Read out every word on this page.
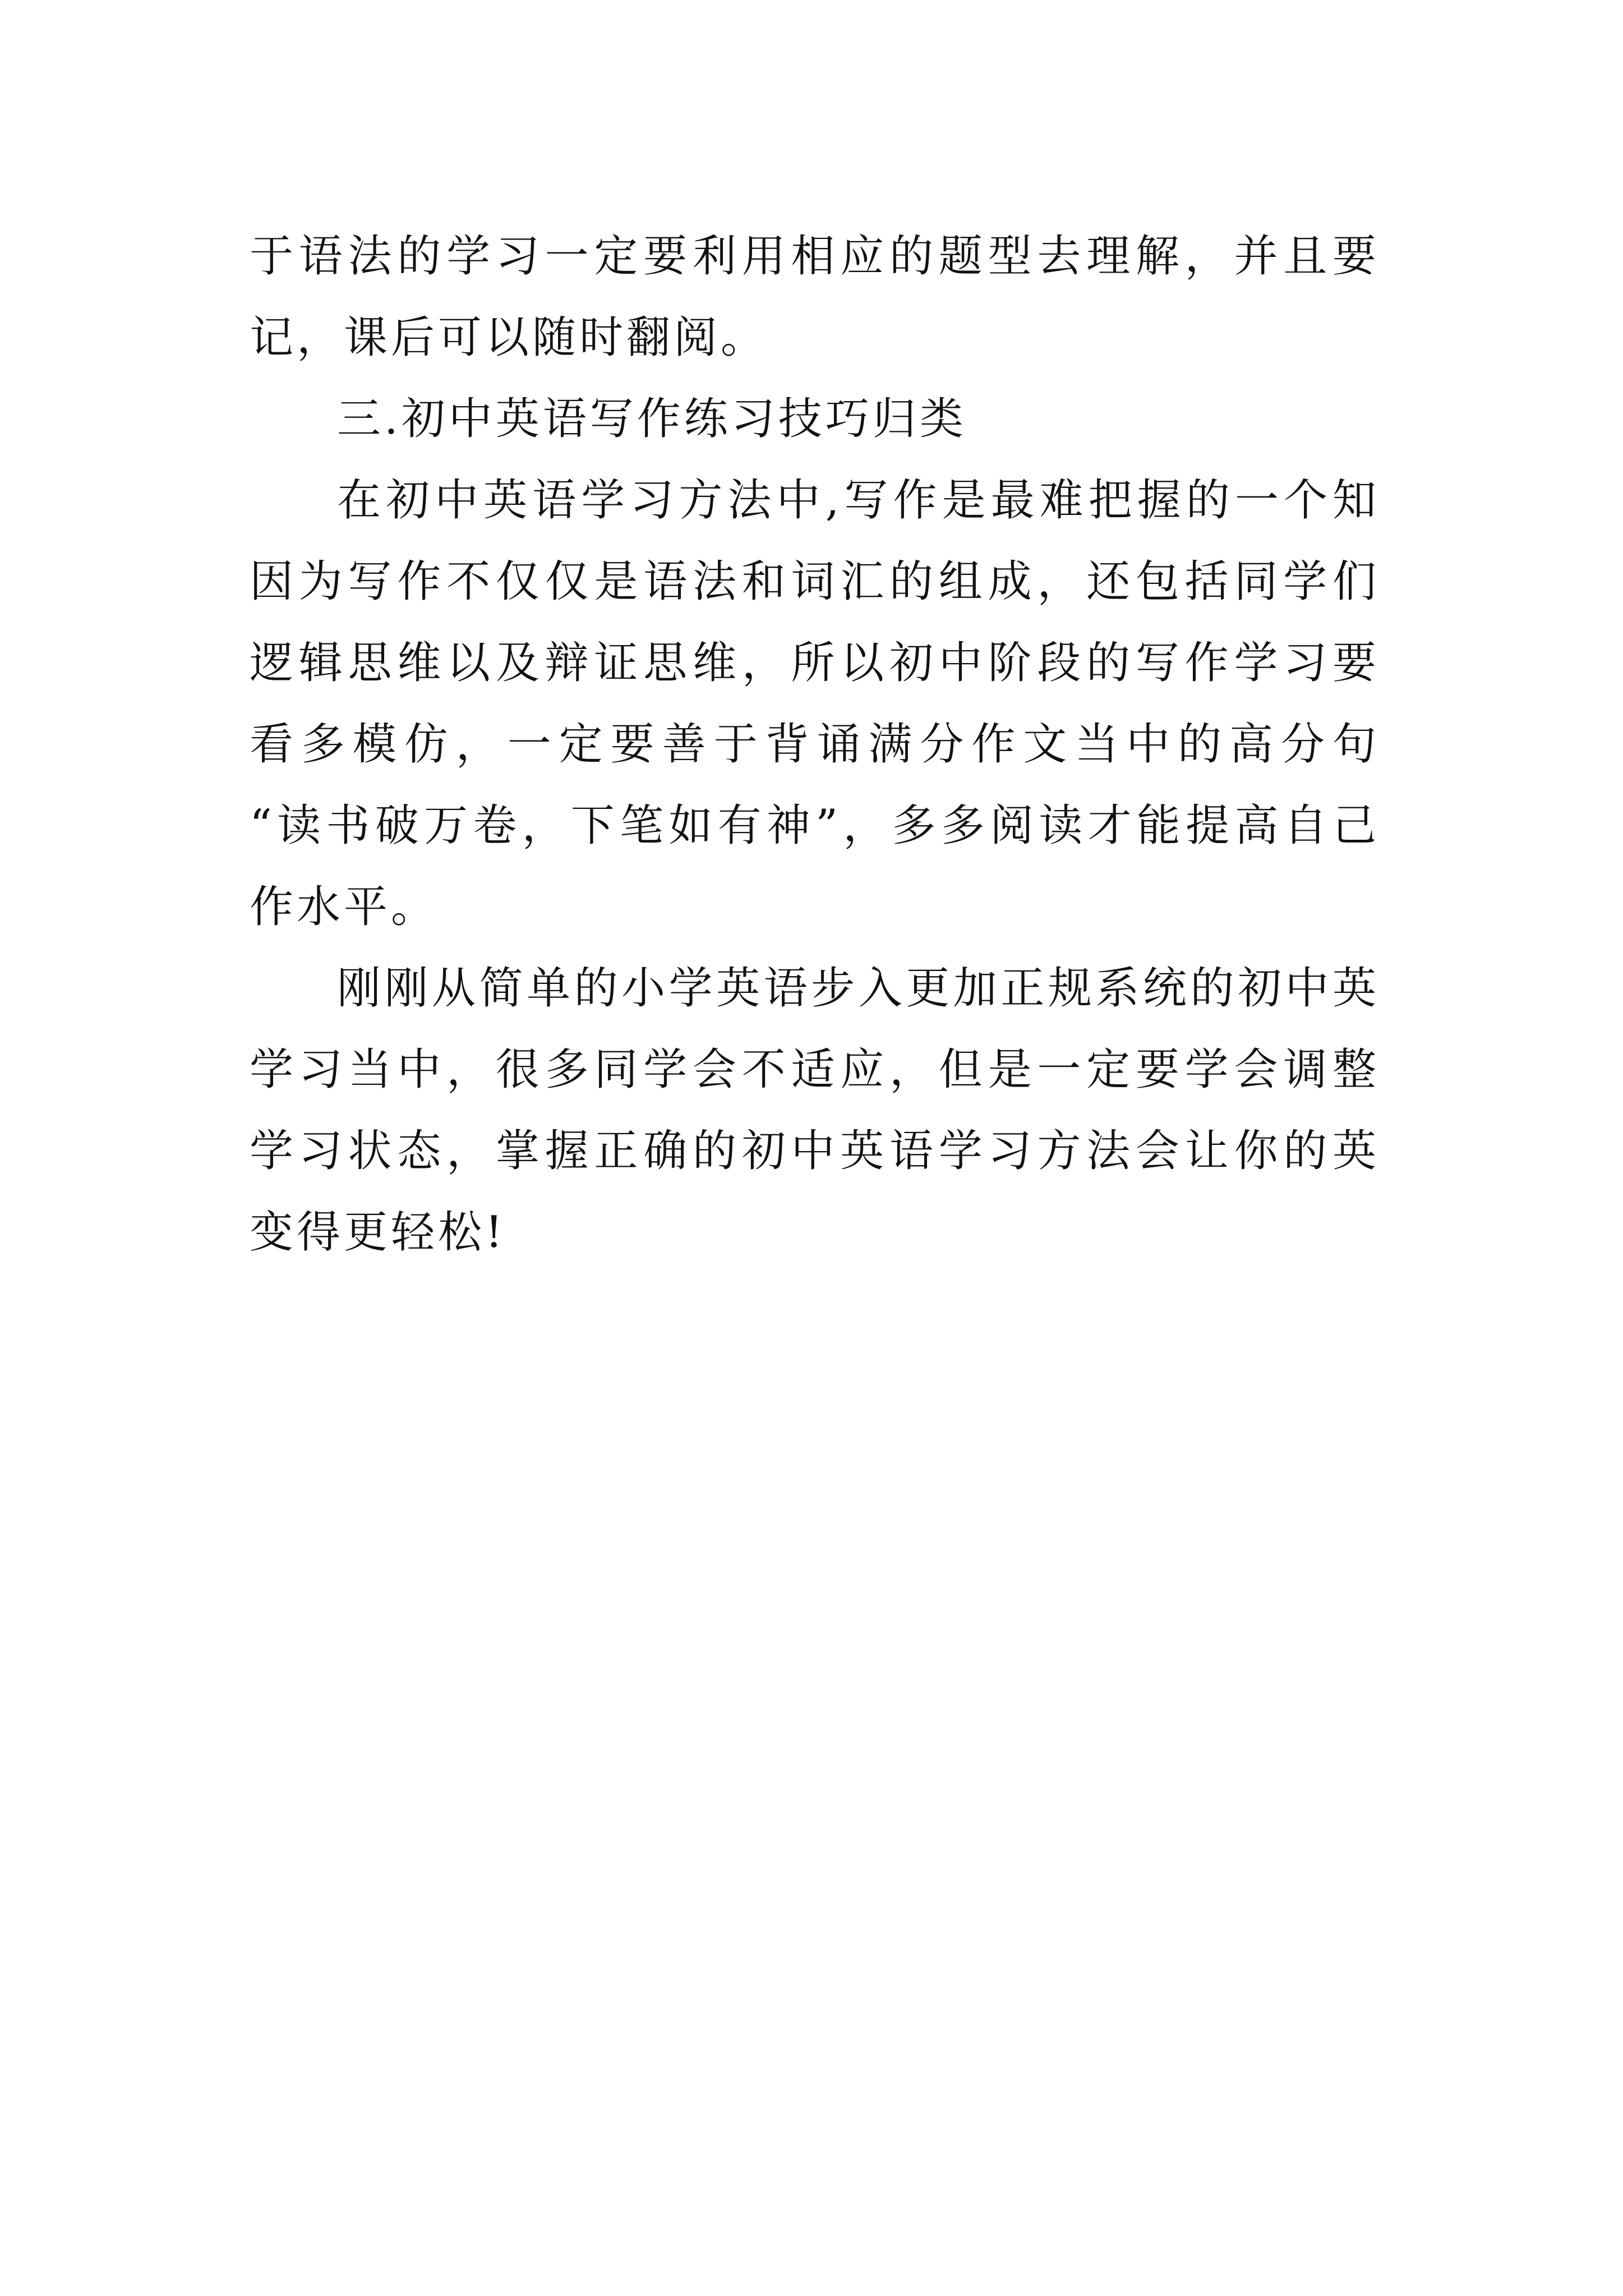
于语法的学习一定要利用相应的题型去理解，并且要
记，课后可以随时翻阅。
三.初中英语写作练习技巧归类
在初中英语学习方法中,写作是最难把握的一个知
因为写作不仅仅是语法和词汇的组成，还包括同学们
逻辑思维以及辩证思维，所以初中阶段的写作学习要
看多模仿，一定要善于背诵满分作文当中的高分句
“读书破万卷，下笔如有神”，多多阅读才能提高自己
作水平。
刚刚从简单的小学英语步入更加正规系统的初中英
学习当中，很多同学会不适应，但是一定要学会调整
学习状态，掌握正确的初中英语学习方法会让你的英
变得更轻松!
